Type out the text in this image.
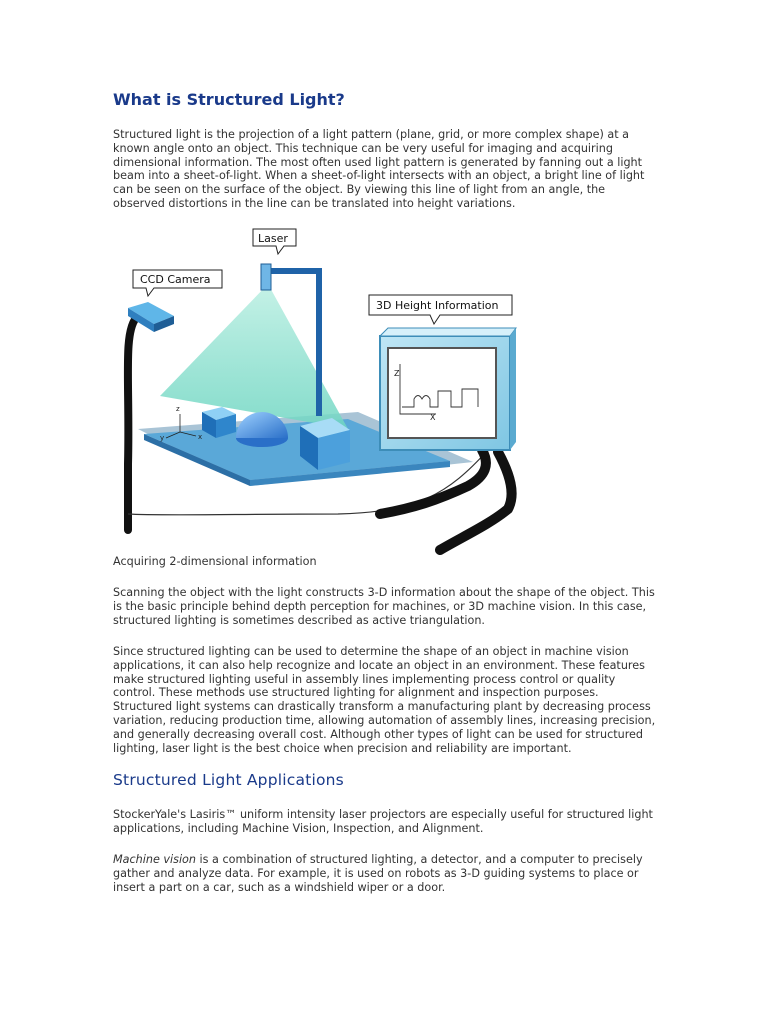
What is Structured Light?

Structured light is the projection of a light pattern (plane, grid, or more complex shape) at a known angle onto an object. This technique can be very useful for imaging and acquiring dimensional information. The most often used light pattern is generated by fanning out a light beam into a sheet-of-light. When a sheet-of-light intersects with an object, a bright line of light can be seen on the surface of the object. By viewing this line of light from an angle, the observed distortions in the line can be translated into height variations.

Acquiring 2-dimensional information

Scanning the object with the light constructs 3-D information about the shape of the object. This is the basic principle behind depth perception for machines, or 3D machine vision. In this case, structured lighting is sometimes described as active triangulation.

Since structured lighting can be used to determine the shape of an object in machine vision applications, it can also help recognize and locate an object in an environment. These features make structured lighting useful in assembly lines implementing process control or quality control. These methods use structured lighting for alignment and inspection purposes. Structured light systems can drastically transform a manufacturing plant by decreasing process variation, reducing production time, allowing automation of assembly lines, increasing precision, and generally decreasing overall cost. Although other types of light can be used for structured lighting, laser light is the best choice when precision and reliability are important.

Structured Light Applications

StockerYale's Lasiris™ uniform intensity laser projectors are especially useful for structured light applications, including Machine Vision, Inspection, and Alignment.

Machine vision is a combination of structured lighting, a detector, and a computer to precisely gather and analyze data. For example, it is used on robots as 3-D guiding systems to place or insert a part on a car, such as a windshield wiper or a door.

z
y	x
Z
X
Laser
CCD Camera
3D Height Information
